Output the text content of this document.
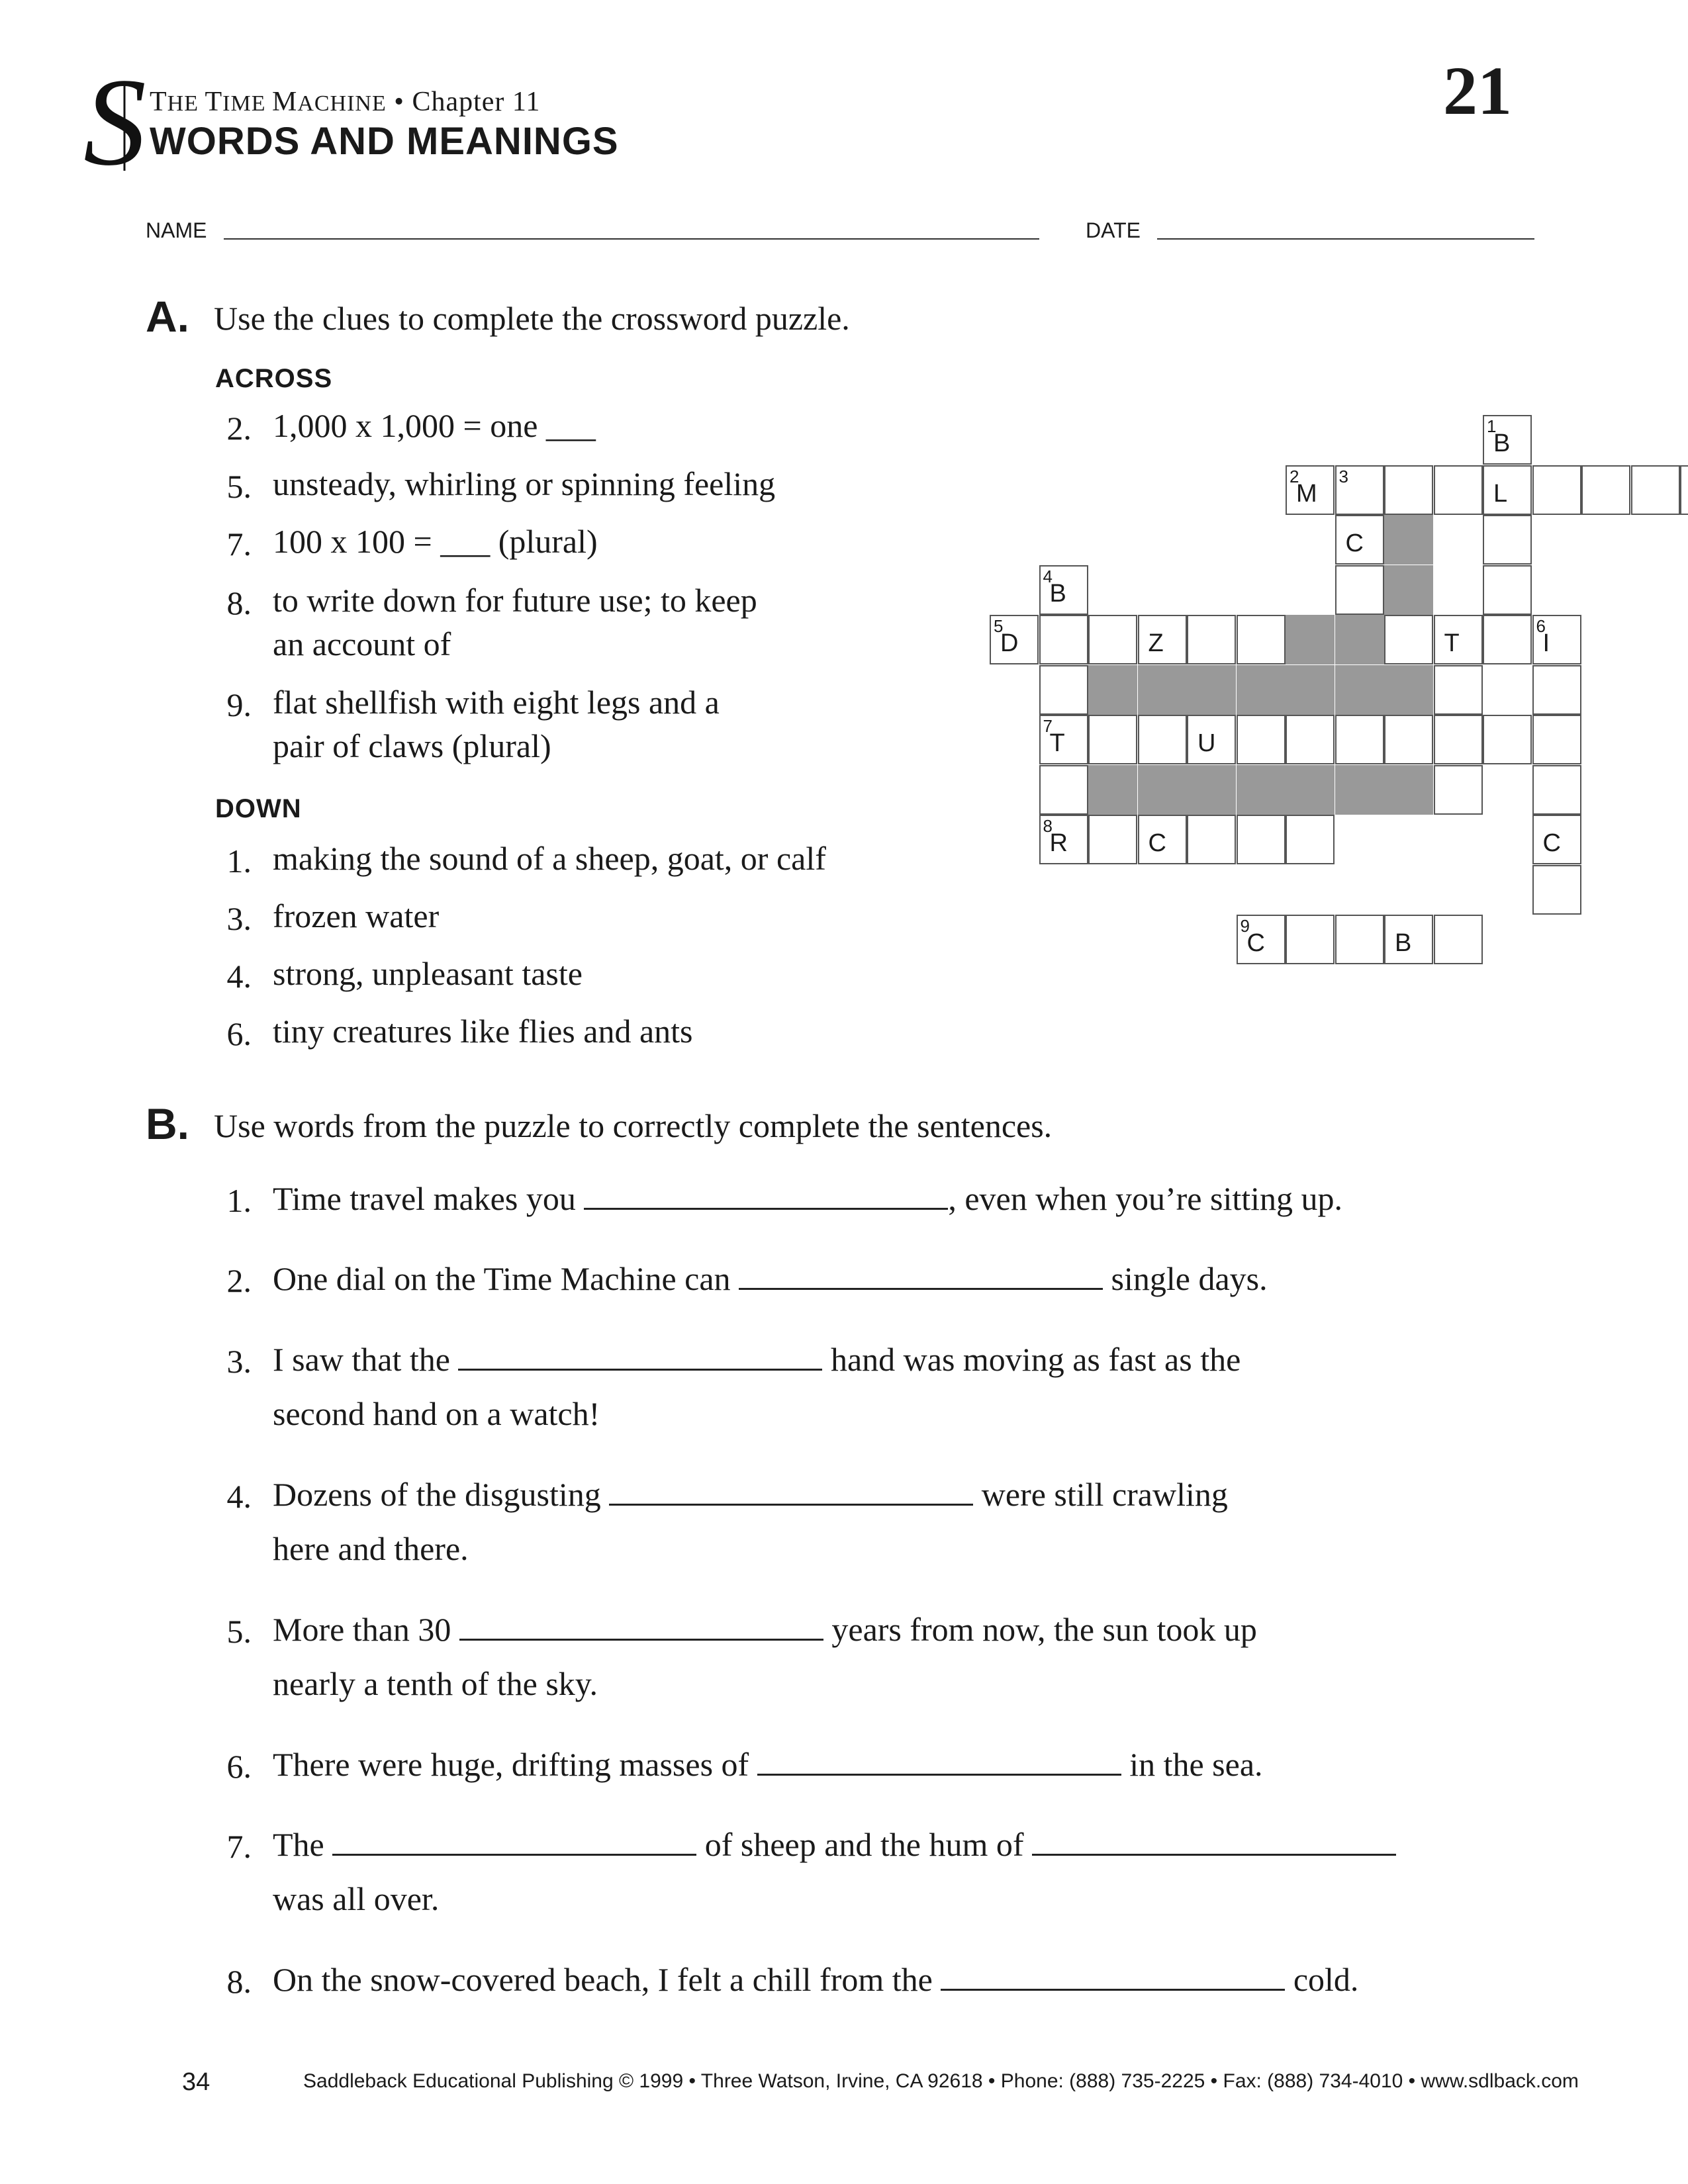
S THE TIME MACHINE • Chapter 11
WORDS AND MEANINGS
21
NAME	DATE
A. Use the clues to complete the crossword puzzle.
ACROSS
2. 1,000 x 1,000 = one ___
5. unsteady, whirling or spinning feeling
7. 100 x 100 = ___ (plural)
8. to write down for future use; to keep
an account of
9. flat shellfish with eight legs and a
pair of claws (plural)
DOWN
1. making the sound of a sheep, goat, or calf
3. frozen water
4. strong, unpleasant taste
6. tiny creatures like flies and ants
B. Use words from the puzzle to correctly complete the sentences.
1. Time travel makes you	, even when you’re sitting up.
2. One dial on the Time Machine can	single days.
3. I saw that the	hand was moving as fast as the
second hand on a watch!
4. Dozens of the disgusting	were still crawling
here and there.
5. More than 30	years from now, the sun took up
nearly a tenth of the sky.
6. There were huge, drifting masses of	in the sea.
7. The	of sheep and the hum of
was all over.
8. On the snow-covered beach, I felt a chill from the	cold.
34	Saddleback Educational Publishing © 1999 • Three Watson, Irvine, CA 92618 • Phone: (888) 735-2225 • Fax: (888) 734-4010 • www.sdlback.com
1
B
2
M
3
L
C
4
B
5
D	Z	T
6
I
7
T	U
8
R	C	C
9
C	B
